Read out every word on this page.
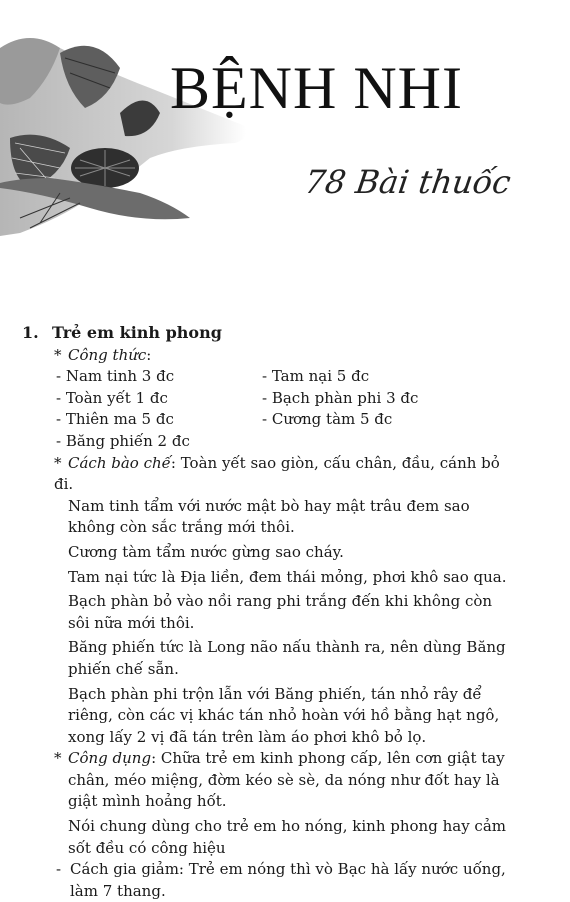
BỆNH NHI
78 Bài thuốc
1. Trẻ em kinh phong
* Công thức:
- Nam tinh 3 đc	- Tam nại 5 đc
- Toàn yết 1 đc	- Bạch phàn phi 3 đc
- Thiên ma 5 đc	- Cương tàm 5 đc
- Băng phiến 2 đc
* Cách bào chế: Toàn yết sao giòn, cấu chân, đầu, cánh bỏ đi.
Nam tinh tẩm với nước mật bò hay mật trâu đem sao không còn sắc trắng mới thôi.
Cương tàm tẩm nước gừng sao cháy.
Tam nại tức là Địa liền, đem thái mỏng, phơi khô sao qua.
Bạch phàn bỏ vào nồi rang phi trắng đến khi không còn sôi nữa mới thôi.
Băng phiến tức là Long não nấu thành ra, nên dùng Băng phiến chế sẵn.
Bạch phàn phi trộn lẫn với Băng phiến, tán nhỏ rây để riêng, còn các vị khác tán nhỏ hoàn với hồ bằng hạt ngô, xong lấy 2 vị đã tán trên làm áo phơi khô bỏ lọ.
* Công dụng: Chữa trẻ em kinh phong cấp, lên cơn giật tay chân, méo miệng, đờm kéo sè sè, da nóng như đốt hay là giật mình hoảng hốt.
Nói chung dùng cho trẻ em ho nóng, kinh phong hay cảm sốt đều có công hiệu
- Cách gia giảm: Trẻ em nóng thì vò Bạc hà lấy nước uống, làm 7 thang.
